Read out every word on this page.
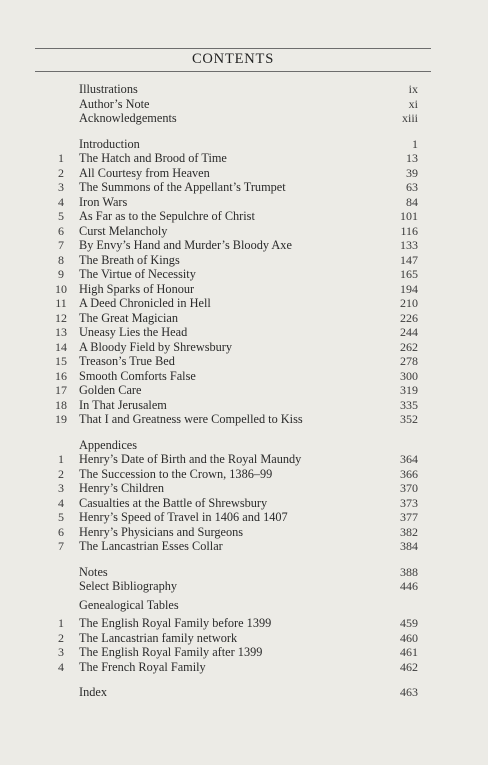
CONTENTS
Illustrations	ix
Author’s Note	xi
Acknowledgements	xiii
Introduction	1
1	The Hatch and Brood of Time	13
2	All Courtesy from Heaven	39
3	The Summons of the Appellant’s Trumpet	63
4	Iron Wars	84
5	As Far as to the Sepulchre of Christ	101
6	Curst Melancholy	116
7	By Envy’s Hand and Murder’s Bloody Axe	133
8	The Breath of Kings	147
9	The Virtue of Necessity	165
10 High Sparks of Honour	194
11 A Deed Chronicled in Hell	210
12 The Great Magician	226
13 Uneasy Lies the Head	244
14 A Bloody Field by Shrewsbury	262
15 Treason’s True Bed	278
16 Smooth Comforts False	300
17 Golden Care	319
18 In That Jerusalem	335
19 That I and Greatness were Compelled to Kiss	352
Appendices
1	Henry’s Date of Birth and the Royal Maundy	364
2	The Succession to the Crown, 1386–99	366
3	Henry’s Children	370
4	Casualties at the Battle of Shrewsbury	373
5	Henry’s Speed of Travel in 1406 and 1407	377
6	Henry’s Physicians and Surgeons	382
7	The Lancastrian Esses Collar	384
Notes	388
Select Bibliography	446
Genealogical Tables
1	The English Royal Family before 1399	459
2	The Lancastrian family network	460
3	The English Royal Family after 1399	461
4	The French Royal Family	462
Index	463
